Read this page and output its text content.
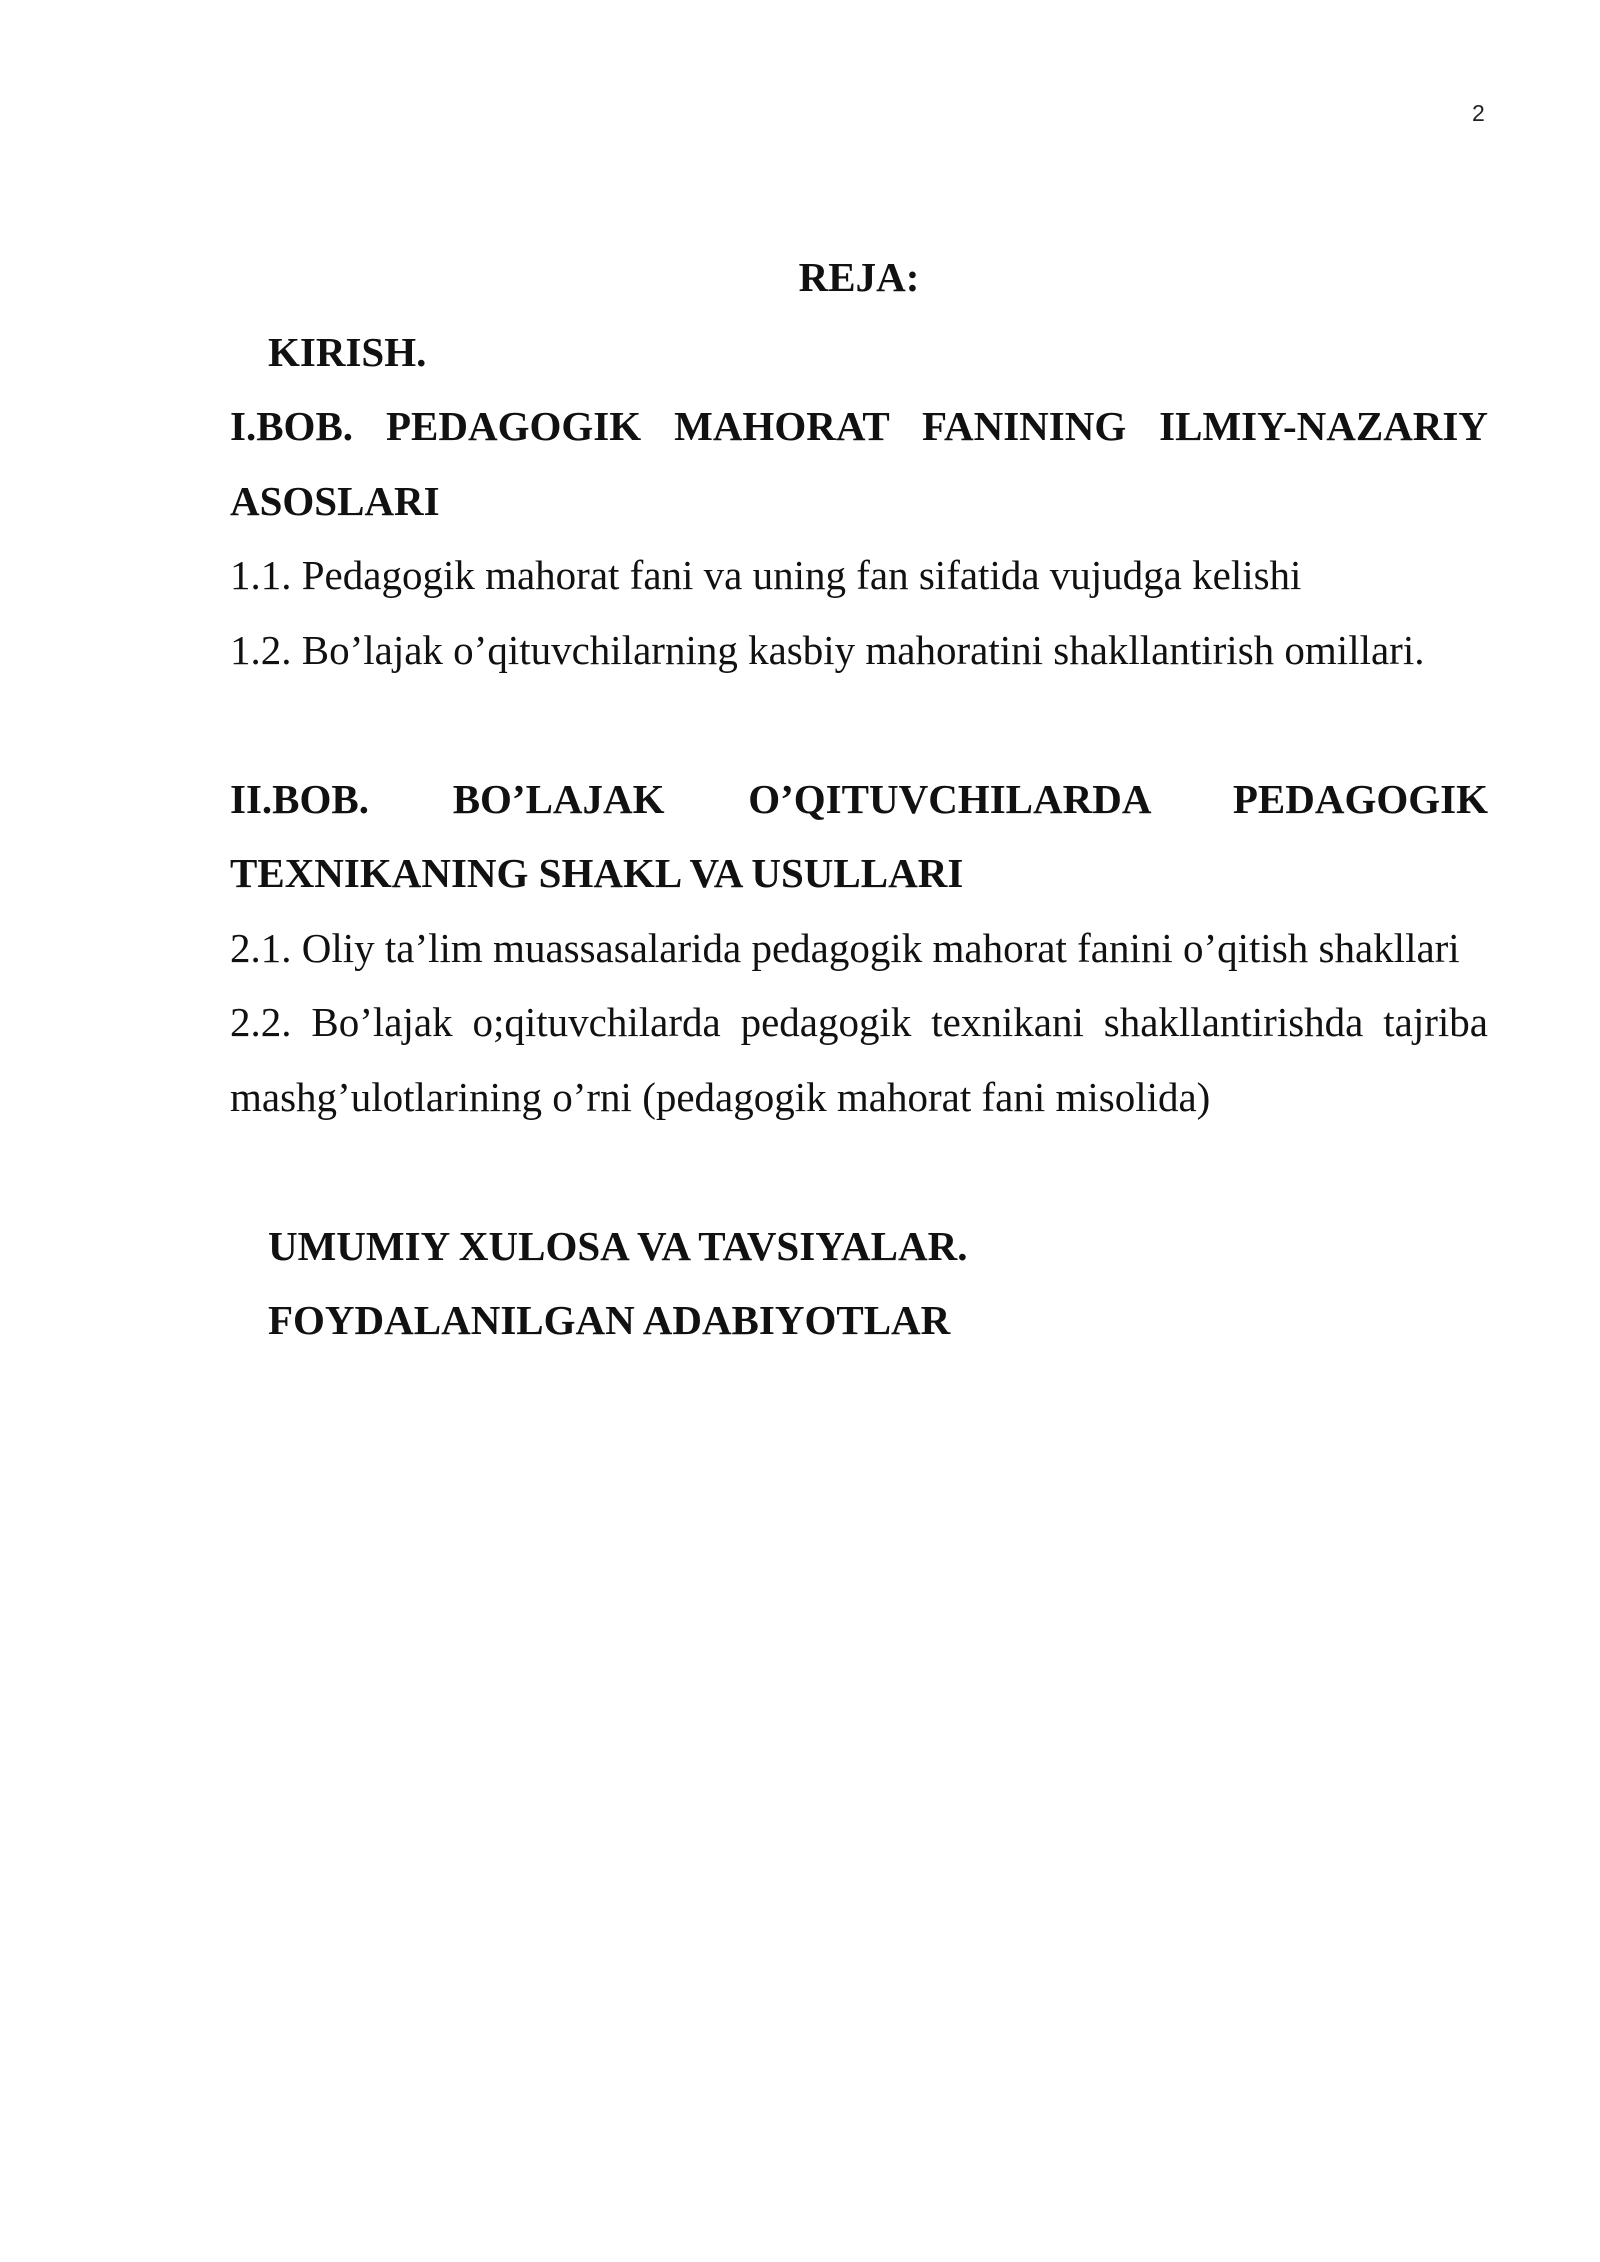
2
REJA:
KIRISH.
I.BOB. PEDAGOGIK MAHORAT FANINING ILMIY-NAZARIY ASOSLARI
1.1. Pedagogik mahorat fani va uning fan sifatida vujudga kelishi
1.2. Bo’lajak o’qituvchilarning kasbiy mahoratini shakllantirish omillari.
II.BOB. BO’LAJAK O’QITUVCHILARDA PEDAGOGIK TEXNIKANING SHAKL VA USULLARI
2.1. Oliy ta’lim muassasalarida pedagogik mahorat fanini o’qitish shakllari
2.2. Bo’lajak o;qituvchilarda pedagogik texnikani shakllantirishda tajriba mashg’ulotlarining o’rni (pedagogik mahorat fani misolida)
UMUMIY XULOSA VA TAVSIYALAR.
FOYDALANILGAN ADABIYOTLAR
